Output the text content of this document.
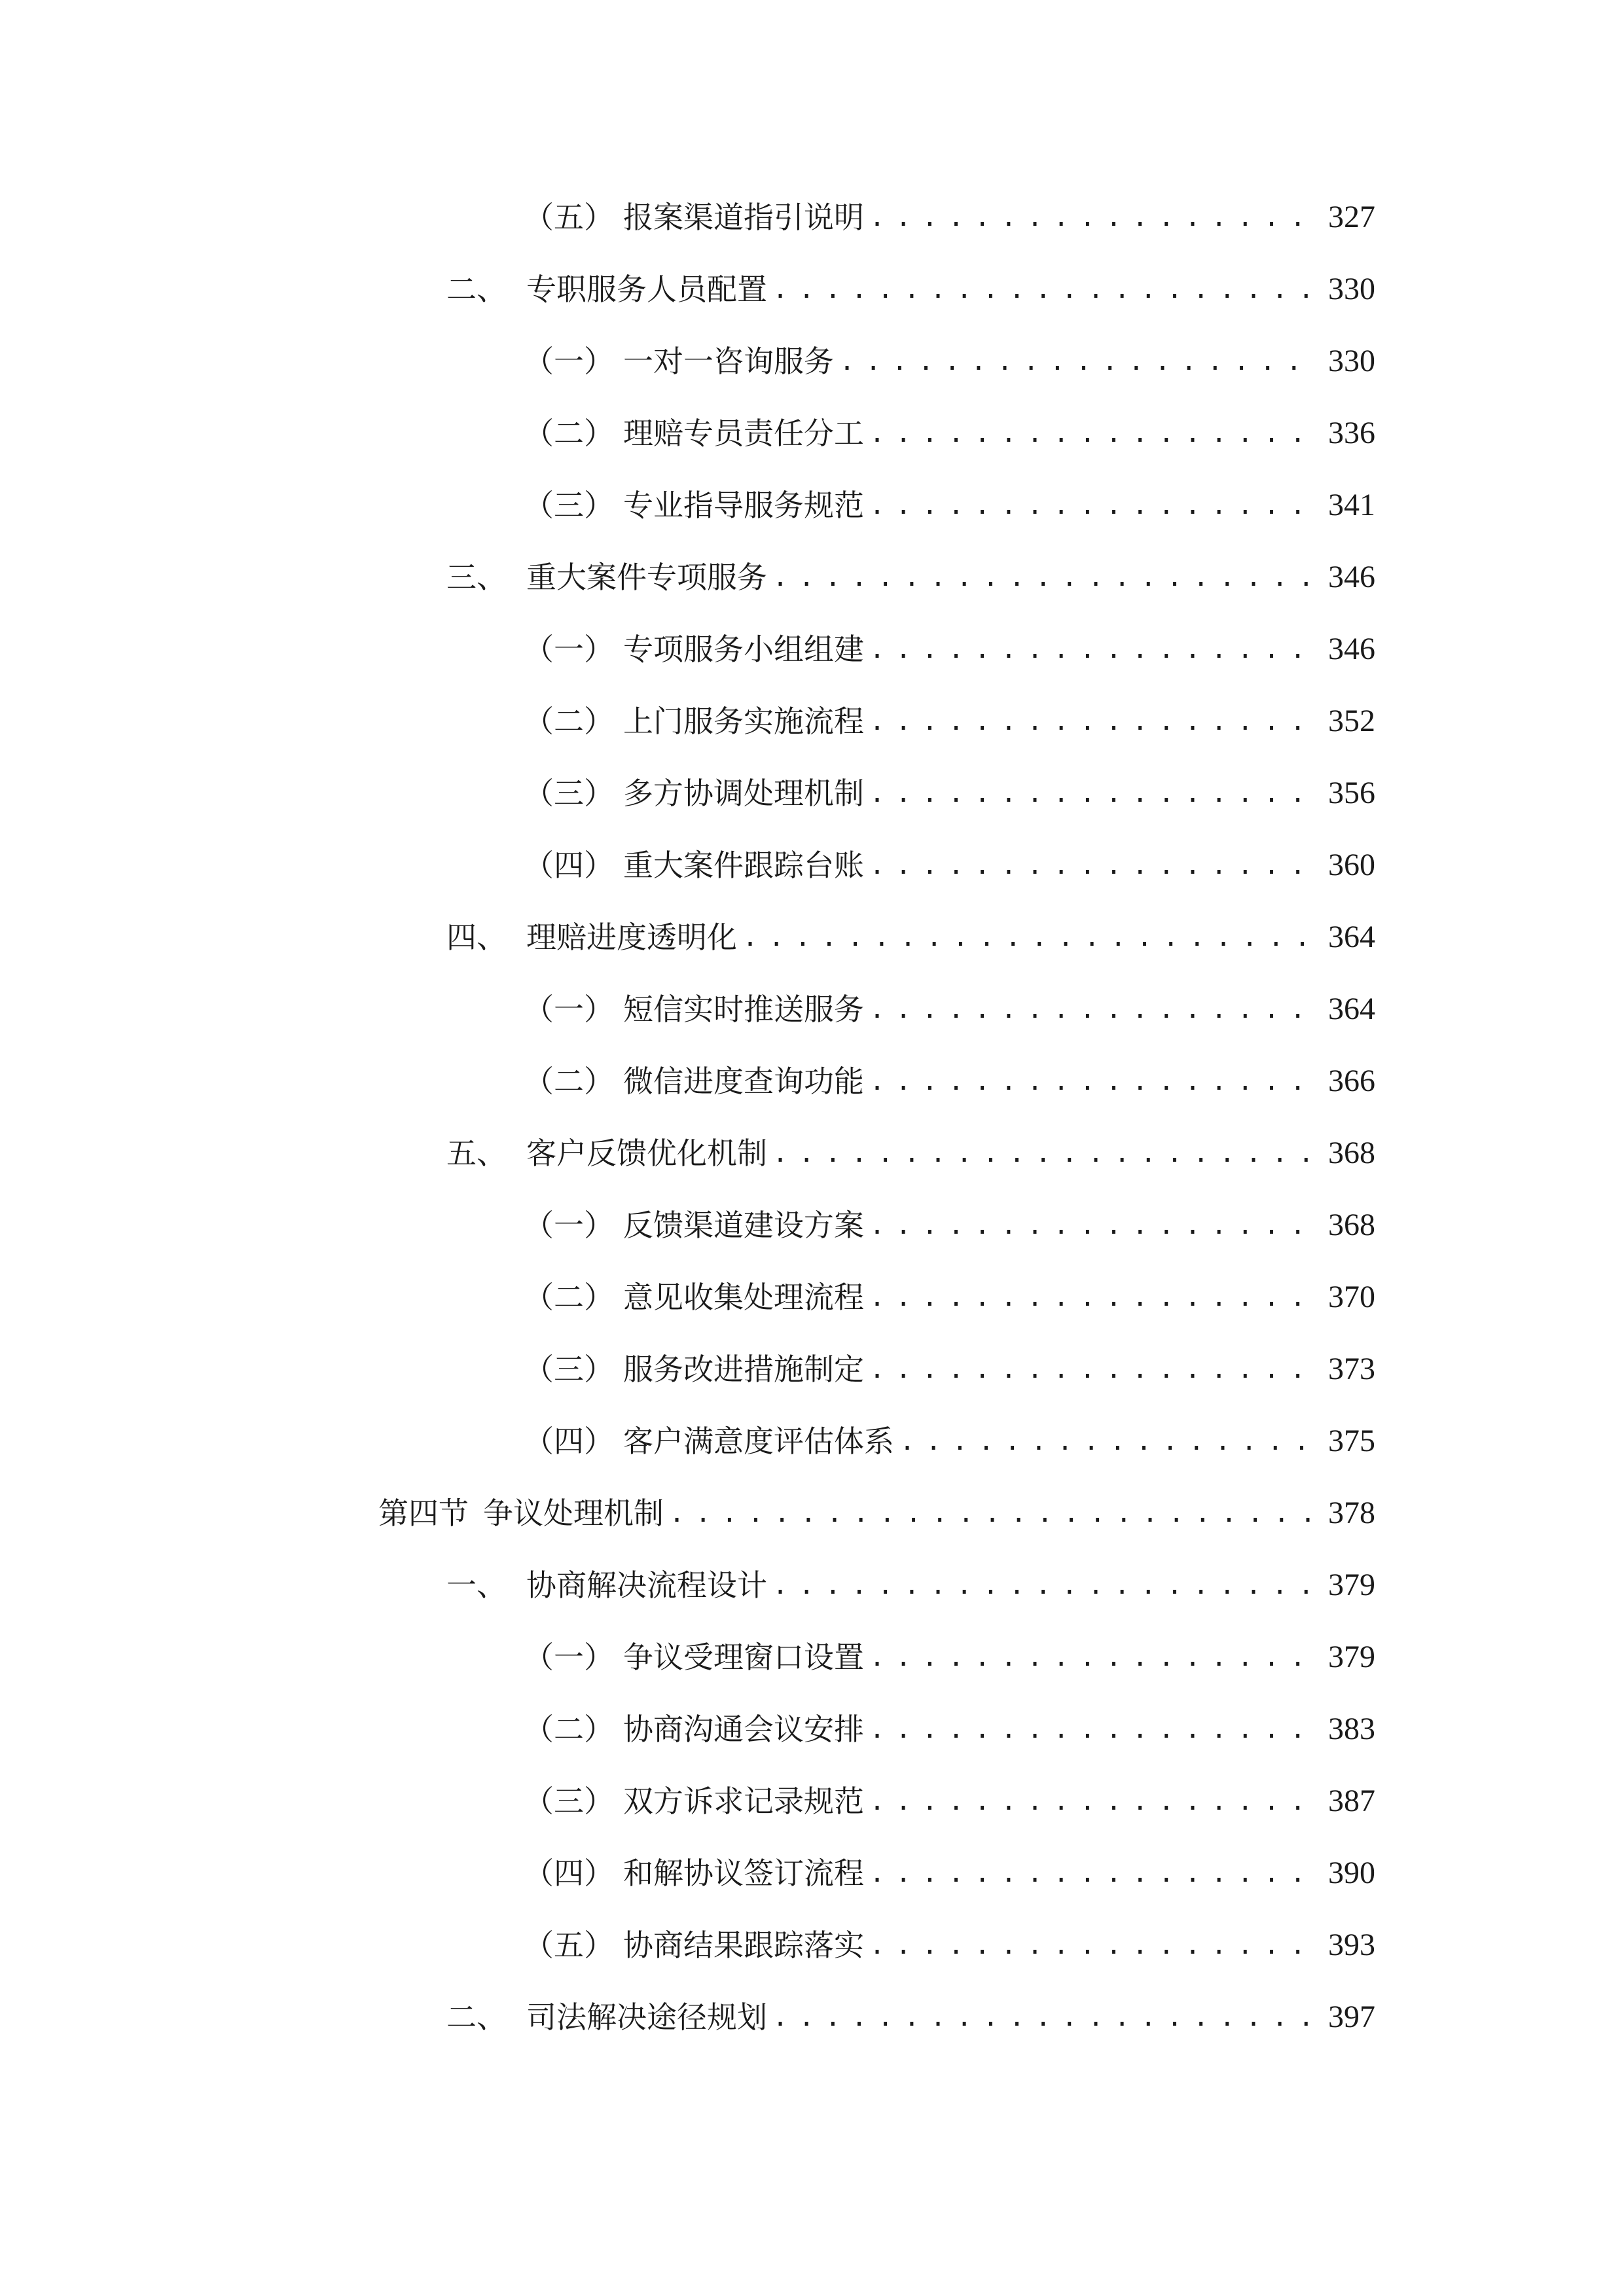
（五） 报案渠道指引说明 . . .	327
二、 专职服务人员配置 . . .	330
（一） 一对一咨询服务 . . .	330
（二） 理赔专员责任分工 . . .	336
（三） 专业指导服务规范 . . .	341
三、 重大案件专项服务 . . .	346
（一） 专项服务小组组建 . . .	346
（二） 上门服务实施流程 . . .	352
（三） 多方协调处理机制 . . .	356
（四） 重大案件跟踪台账 . . .	360
四、 理赔进度透明化 . . .	364
（一） 短信实时推送服务 . . .	364
（二） 微信进度查询功能 . . .	366
五、 客户反馈优化机制 . . .	368
（一） 反馈渠道建设方案 . . .	368
（二） 意见收集处理流程 . . .	370
（三） 服务改进措施制定 . . .	373
（四） 客户满意度评估体系 . . .	375
第四节 争议处理机制 . . .	378
一、 协商解决流程设计 . . .	379
（一） 争议受理窗口设置 . . .	379
（二） 协商沟通会议安排 . . .	383
（三） 双方诉求记录规范 . . .	387
（四） 和解协议签订流程 . . .	390
（五） 协商结果跟踪落实 . . .	393
二、 司法解决途径规划 . . .	397
